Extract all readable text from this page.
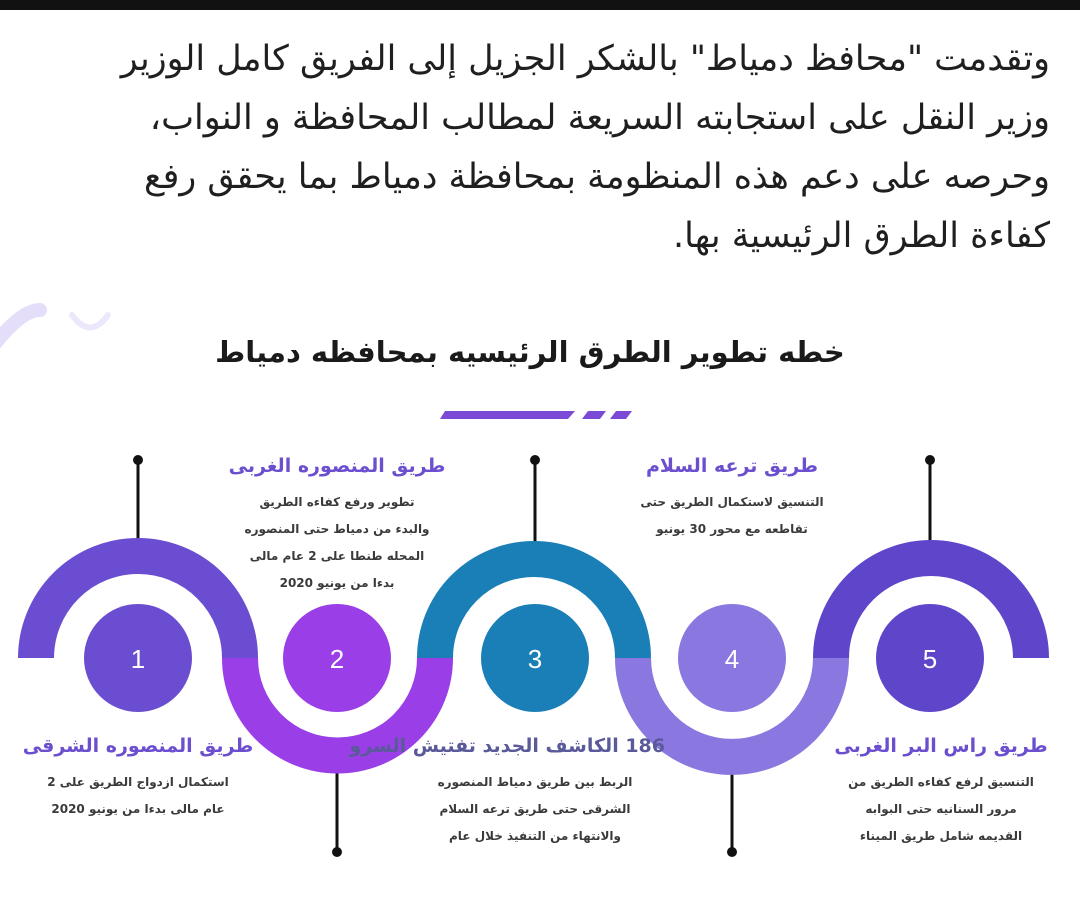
وتقدمت "محافظ دمياط" بالشكر الجزيل إلى الفريق كامل الوزير
وزير النقل على استجابته السريعة لمطالب المحافظة و النواب،
وحرصه على دعم هذه المنظومة بمحافظة دمياط بما يحقق رفع
كفاءة الطرق الرئيسية بها.
خطه تطوير الطرق الرئيسيه بمحافظه دمياط
1	2	3	4	5
طريق المنصوره الغربى
تطوير ورفع كفاءه الطريق
والبدء من دمياط حتى المنصوره
المحله طنطا على 2 عام مالى
بدءا من يونيو 2020
طريق ترعه السلام
التنسيق لاستكمال الطريق حتى
تقاطعه مع محور 30 يونيو
طريق المنصوره الشرقى
استكمال ازدواج الطريق على 2
عام مالى بدءا من يونيو 2020
186 الكاشف الجديد تفتيش السرو
الربط بين طريق دمياط المنصوره
الشرقى حتى طريق ترعه السلام
والانتهاء من التنفيذ خلال عام
طريق راس البر الغربى
التنسيق لرفع كفاءه الطريق من
مرور السنانيه حتى البوابه
القديمه شامل طريق الميناء
